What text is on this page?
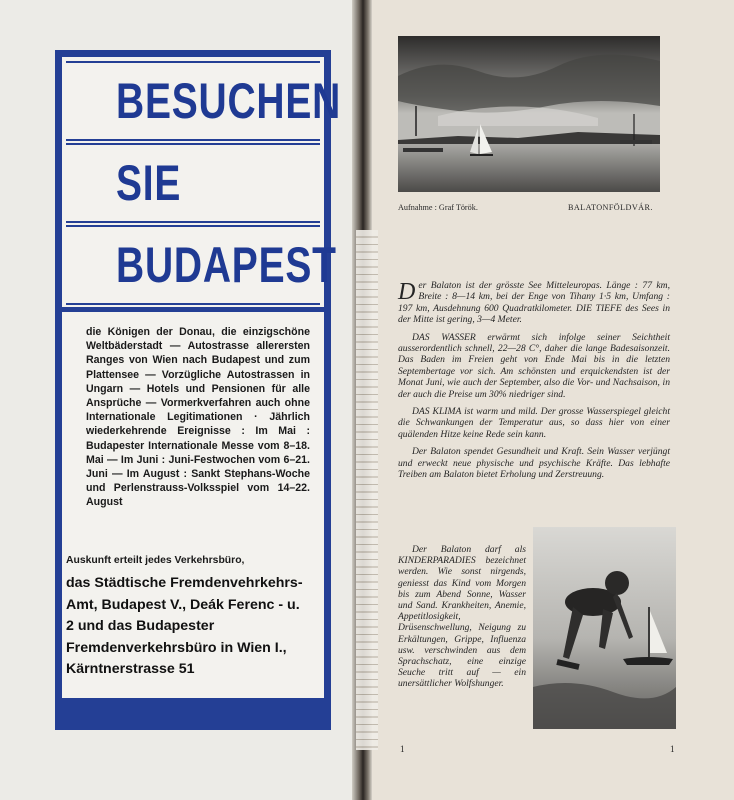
BESUCHEN
SIE
BUDAPEST
die Königen der Donau, die einzigschöne Weltbäderstadt — Autostrasse allerersten Ranges von Wien nach Budapest und zum Plattensee — Vorzügliche Autostrassen in Ungarn — Hotels und Pensionen für alle Ansprüche — Vormerkverfahren auch ohne Internationale Legitimationen · Jährlich wiederkehrende Ereignisse : Im Mai : Budapester Internationale Messe vom 8–18. Mai — Im Juni : Juni-Festwochen vom 6–21. Juni — Im August : Sankt Stephans-Woche und Perlenstrauss-Volksspiel vom 14–22. August
Auskunft erteilt jedes Verkehrsbüro,
das Städtische Fremdenvehrkehrs-Amt, Budapest V., Deák Ferenc - u. 2 und das Budapester Fremdenverkehrsbüro in Wien I., Kärntnerstrasse 51
Aufnahme : Graf Török.	BALATONFÖLDVÁR.

Der Balaton ist der grösste See Mitteleuropas. Länge : 77 km, Breite : 8—14 km, bei der Enge von Tihany 1·5 km, Umfang : 197 km, Ausdehnung 600 Quadratkilometer. DIE TIEFE des Sees in der Mitte ist gering, 3—4 Meter.

DAS WASSER erwärmt sich infolge seiner Seichtheit ausserordentlich schnell, 22—28 C°, daher die lange Badesaisonzeit. Das Baden im Freien geht von Ende Mai bis in die letzten Septembertage vor sich. Am schönsten und erquickendsten ist der Monat Juni, wie auch der September, also die Vor- und Nachsaison, in der auch die Preise um 30% niedriger sind.

DAS KLIMA ist warm und mild. Der grosse Wasserspiegel gleicht die Schwankungen der Temperatur aus, so dass hier von einer quälenden Hitze keine Rede sein kann.

Der Balaton spendet Gesundheit und Kraft. Sein Wasser verjüngt und erweckt neue physische und psychische Kräfte. Das lebhafte Treiben am Balaton bietet Erholung und Zerstreuung.

Der Balaton darf als KINDERPARADIES bezeichnet werden. Wie sonst nirgends, geniesst das Kind vom Morgen bis zum Abend Sonne, Wasser und Sand. Krankheiten, Anemie, Appetitlosigkeit, Drüsenschwellung, Neigung zu Erkältungen, Grippe, Influenza usw. verschwinden aus dem Sprachschatz, eine einzige Seuche tritt auf — ein unersättlicher Wolfshunger.
1	1
